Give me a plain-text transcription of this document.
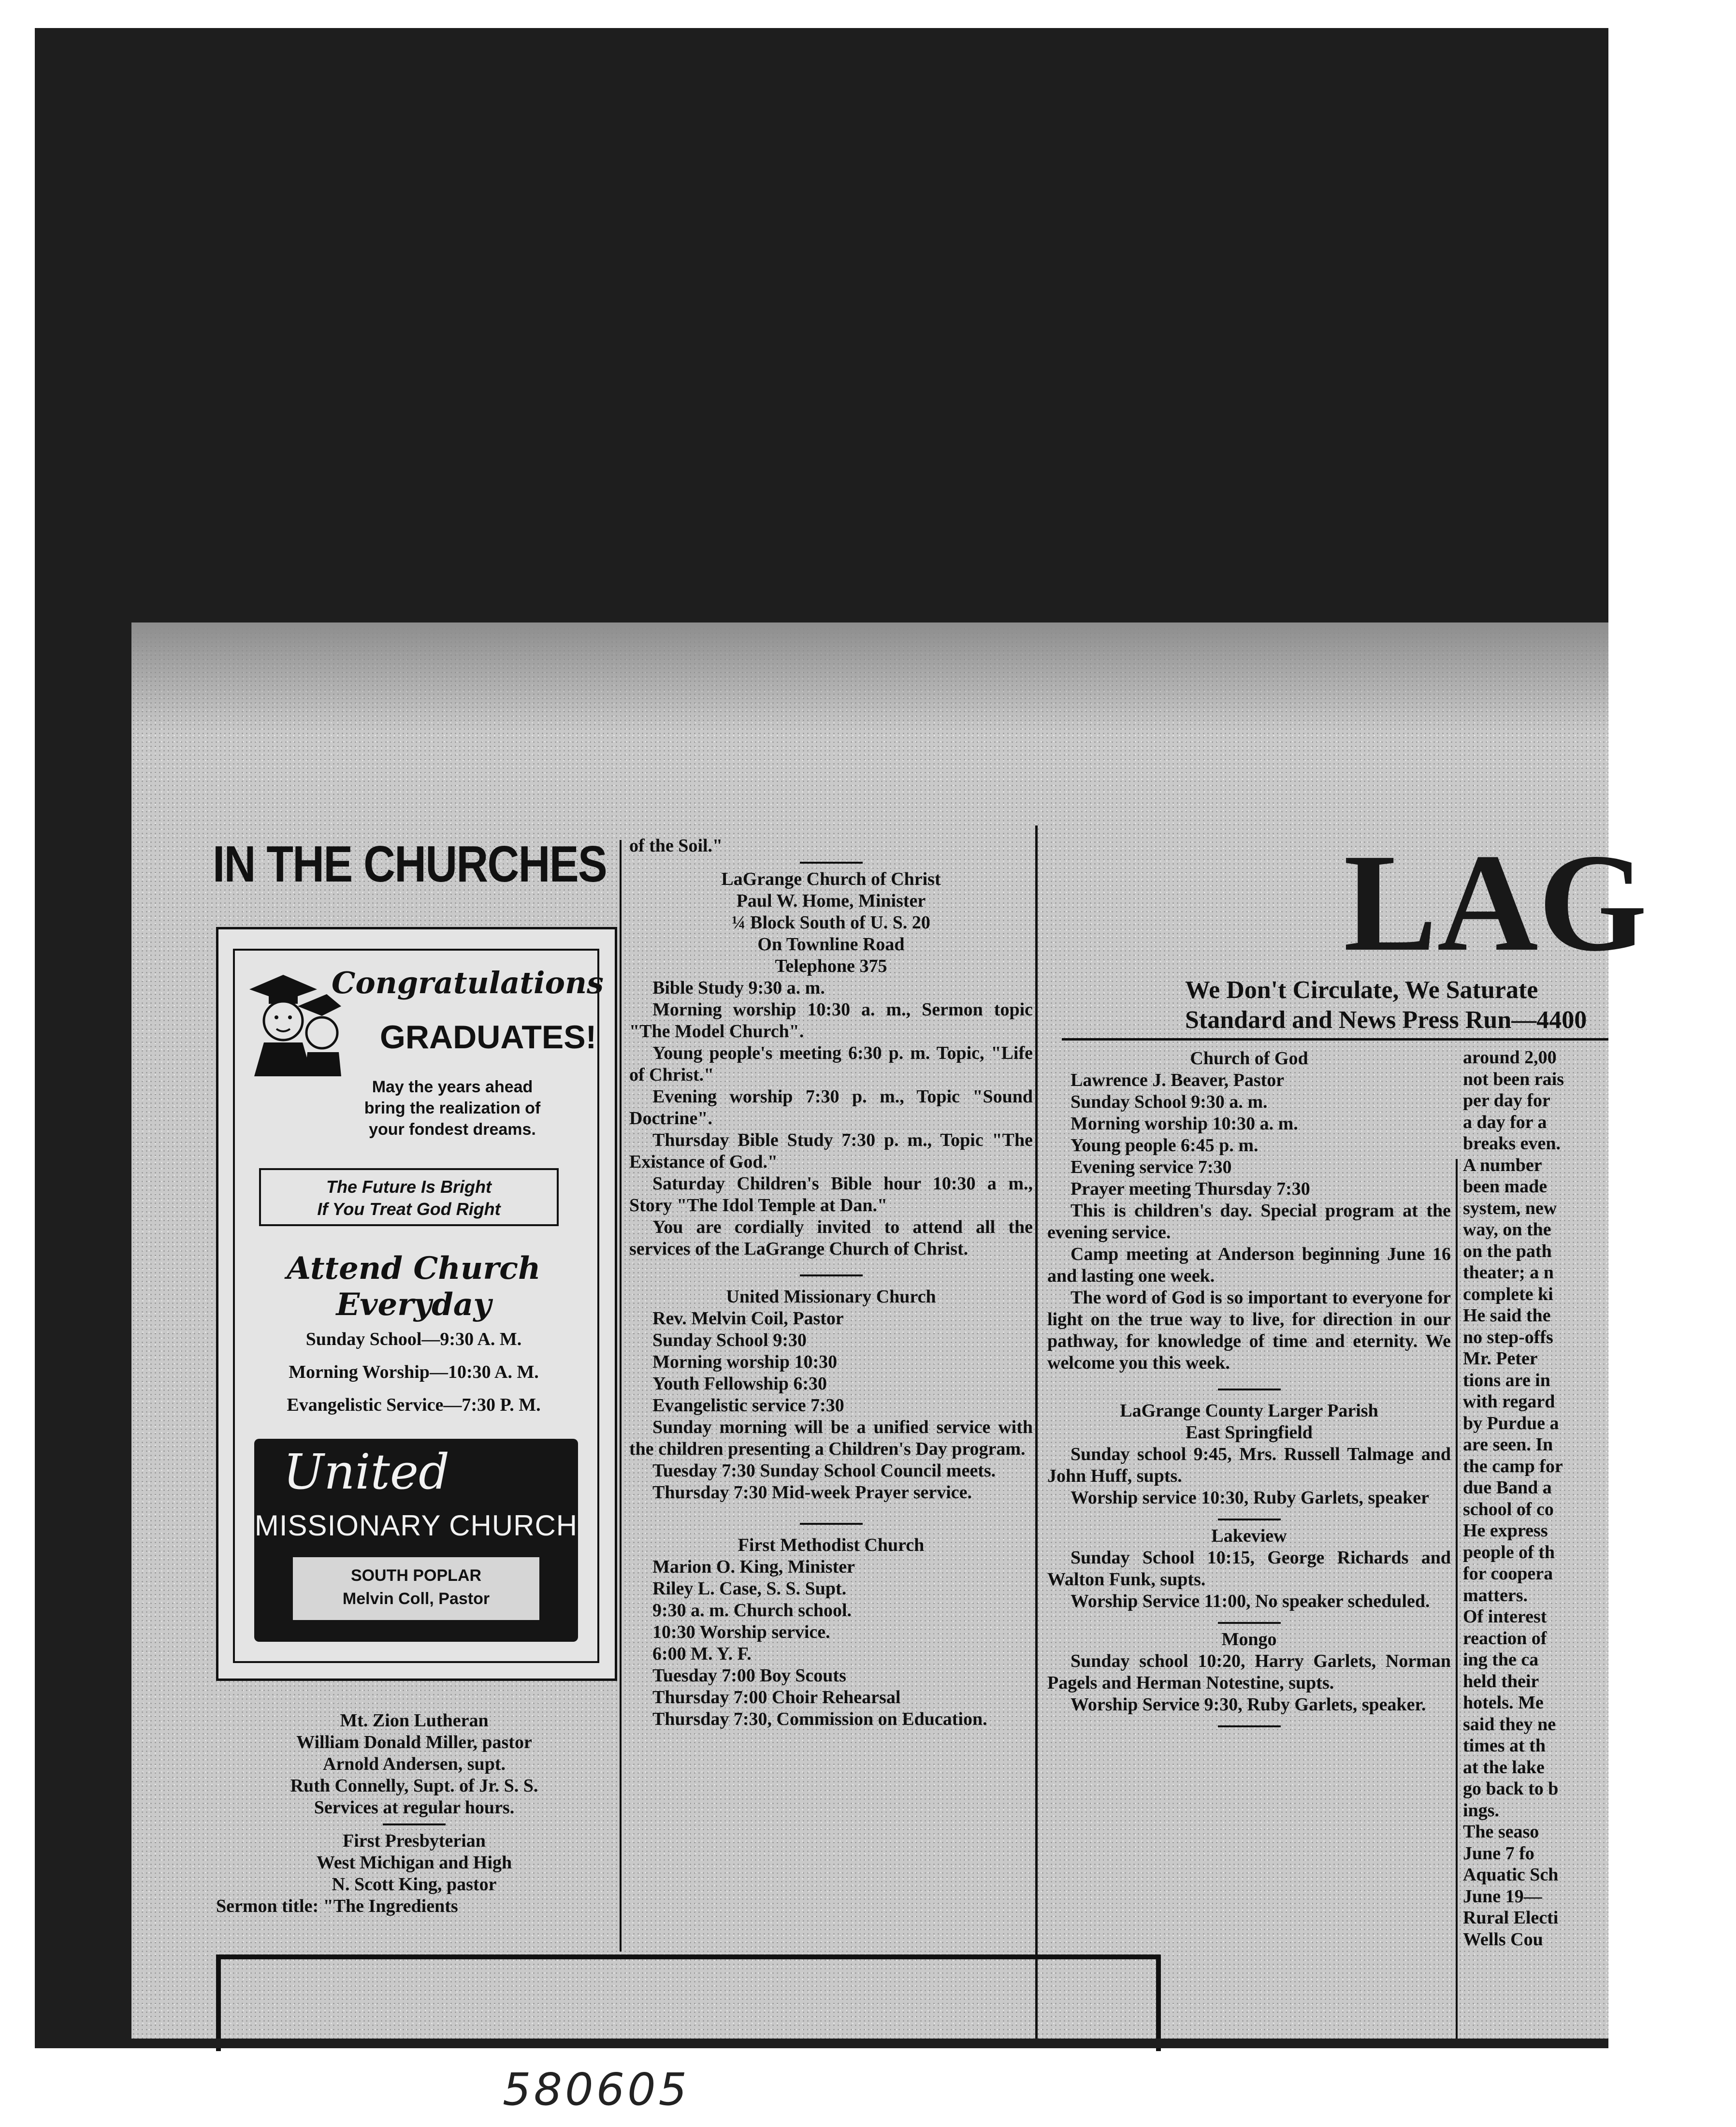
IN THE CHURCHES
Congratulations
GRADUATES!
May the years ahead
bring the realization of
your fondest dreams.
The Future Is Bright
If You Treat God Right
Attend Church Everyday
Sunday School—9:30 A. M.
Morning Worship—10:30 A. M.
Evangelistic Service—7:30 P. M.
United
MISSIONARY CHURCH
SOUTH POPLAR
Melvin Coll, Pastor

Mt. Zion Lutheran

William Donald Miller, pastor

Arnold Andersen, supt.

Ruth Connelly, Supt. of Jr. S. S.

Services at regular hours.

First Presbyterian

West Michigan and High

N. Scott King, pastor

Sermon title: "The Ingredients

of the Soil."

LaGrange Church of Christ

Paul W. Home, Minister

¼ Block South of U. S. 20

On Townline Road

Telephone 375

Bible Study 9:30 a. m.

Morning worship 10:30 a. m., Sermon topic "The Model Church".

Young people's meeting 6:30 p. m. Topic, "Life of Christ."

Evening worship 7:30 p. m., Topic "Sound Doctrine".

Thursday Bible Study 7:30 p. m., Topic "The Existance of God."

Saturday Children's Bible hour 10:30 a m., Story "The Idol Temple at Dan."

You are cordially invited to attend all the services of the LaGrange Church of Christ.

United Missionary Church

Rev. Melvin Coil, Pastor

Sunday School 9:30

Morning worship 10:30

Youth Fellowship 6:30

Evangelistic service 7:30

Sunday morning will be a unified service with the children presenting a Children's Day program.

Tuesday 7:30 Sunday School Council meets.

Thursday 7:30 Mid-week Prayer service.

First Methodist Church

Marion O. King, Minister

Riley L. Case, S. S. Supt.

9:30 a. m. Church school.

10:30 Worship service.

6:00 M. Y. F.

Tuesday 7:00 Boy Scouts

Thursday 7:00 Choir Rehearsal

Thursday 7:30, Commission on Education.

LAG
We Don't Circulate, We Saturate
Standard and News Press Run—4400

Church of God

Lawrence J. Beaver, Pastor

Sunday School 9:30 a. m.

Morning worship 10:30 a. m.

Young people 6:45 p. m.

Evening service 7:30

Prayer meeting Thursday 7:30

This is children's day. Special program at the evening service.

Camp meeting at Anderson beginning June 16 and lasting one week.

The word of God is so important to everyone for light on the true way to live, for direction in our pathway, for knowledge of time and eternity. We welcome you this week.

LaGrange County Larger Parish

East Springfield

Sunday school 9:45, Mrs. Russell Talmage and John Huff, supts.

Worship service 10:30, Ruby Garlets, speaker

Lakeview

Sunday School 10:15, George Richards and Walton Funk, supts.

Worship Service 11:00, No speaker scheduled.

Mongo

Sunday school 10:20, Harry Garlets, Norman Pagels and Herman Notestine, supts.

Worship Service 9:30, Ruby Garlets, speaker.

around 2,00

not been rais

per day for

a day for a

breaks even.

A number

been made

system, new

way, on the

on the path

theater; a n

complete ki

He said the

no step-offs

Mr. Peter

tions are in

with regard

by Purdue a

are seen. In

the camp for

due Band a

school of co

He express

people of th

for coopera

matters.

Of interest

reaction of

ing the ca

held their

hotels. Me

said they ne

times at th

at the lake

go back to b

ings.

The seaso

June 7 fo

Aquatic Sch

June 19—

Rural Electi

Wells Cou

580605
